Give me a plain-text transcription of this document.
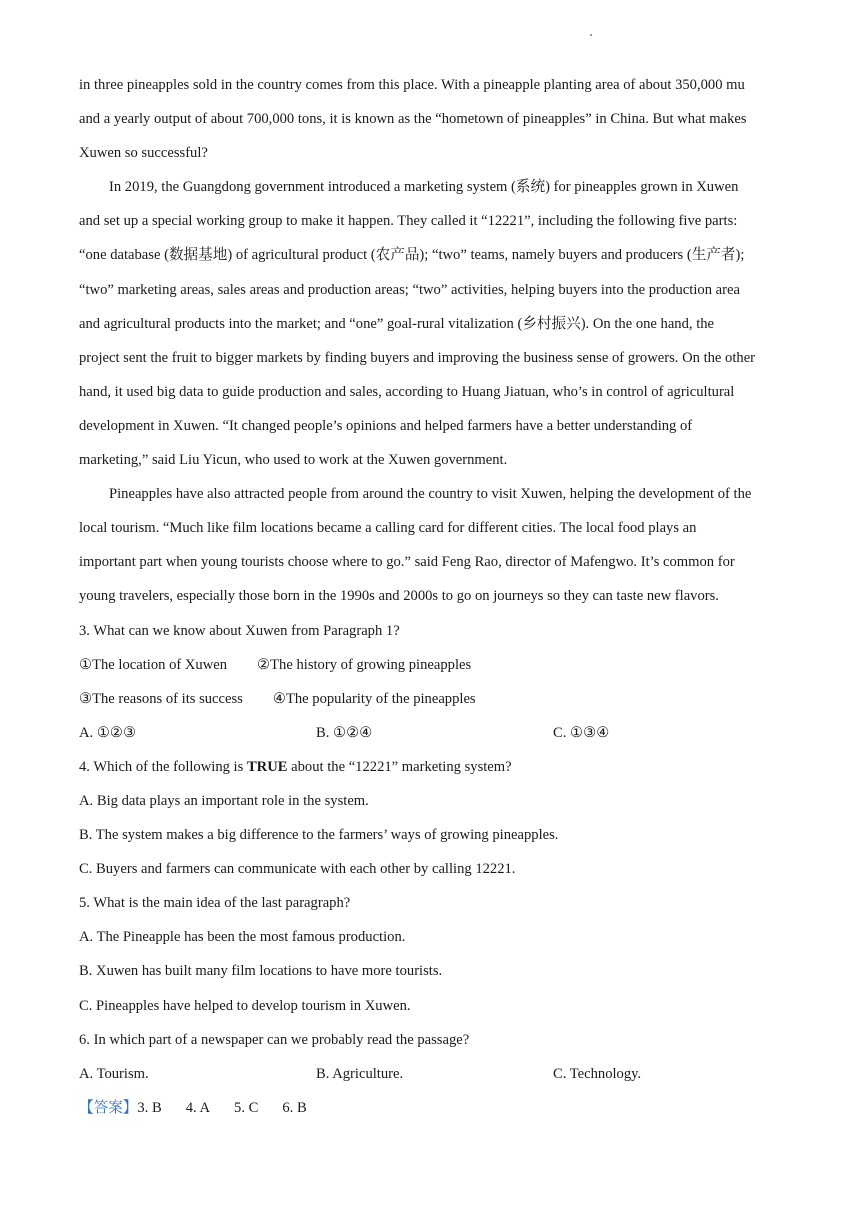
in three pineapples sold in the country comes from this place. With a pineapple planting area of about 350,000 mu
and a yearly output of about 700,000 tons, it is known as the “hometown of pineapples” in China. But what makes
Xuwen so successful?
In 2019, the Guangdong government introduced a marketing system (系统) for pineapples grown in Xuwen
and set up a special working group to make it happen. They called it “12221”, including the following five parts:
“one database (数据基地) of agricultural product (农产品); “two” teams, namely buyers and producers (生产者);
“two” marketing areas, sales areas and production areas; “two” activities, helping buyers into the production area
and agricultural products into the market; and “one” goal-rural vitalization (乡村振兴). On the one hand, the
project sent the fruit to bigger markets by finding buyers and improving the business sense of growers. On the other
hand, it used big data to guide production and sales, according to Huang Jiatuan, who’s in control of agricultural
development in Xuwen. “It changed people’s opinions and helped farmers have a better understanding of
marketing,” said Liu Yicun, who used to work at the Xuwen government.
Pineapples have also attracted people from around the country to visit Xuwen, helping the development of the
local tourism. “Much like film locations became a calling card for different cities. The local food plays an
important part when young tourists choose where to go.” said Feng Rao, director of Mafengwo. It’s common for
young travelers, especially those born in the 1990s and 2000s to go on journeys so they can taste new flavors.
3. What can we know about Xuwen from Paragraph 1?
①The location of Xuwen ②The history of growing pineapples
③The reasons of its success ④The popularity of the pineapples
A. ①②③	B. ①②④	C. ①③④
4. Which of the following is TRUE about the “12221” marketing system?
A. Big data plays an important role in the system.
B. The system makes a big difference to the farmers’ ways of growing pineapples.
C. Buyers and farmers can communicate with each other by calling 12221.
5. What is the main idea of the last paragraph?
A. The Pineapple has been the most famous production.
B. Xuwen has built many film locations to have more tourists.
C. Pineapples have helped to develop tourism in Xuwen.
6. In which part of a newspaper can we probably read the passage?
A. Tourism.	B. Agriculture.	C. Technology.
【答案】3. B 4. A 5. C 6. B
